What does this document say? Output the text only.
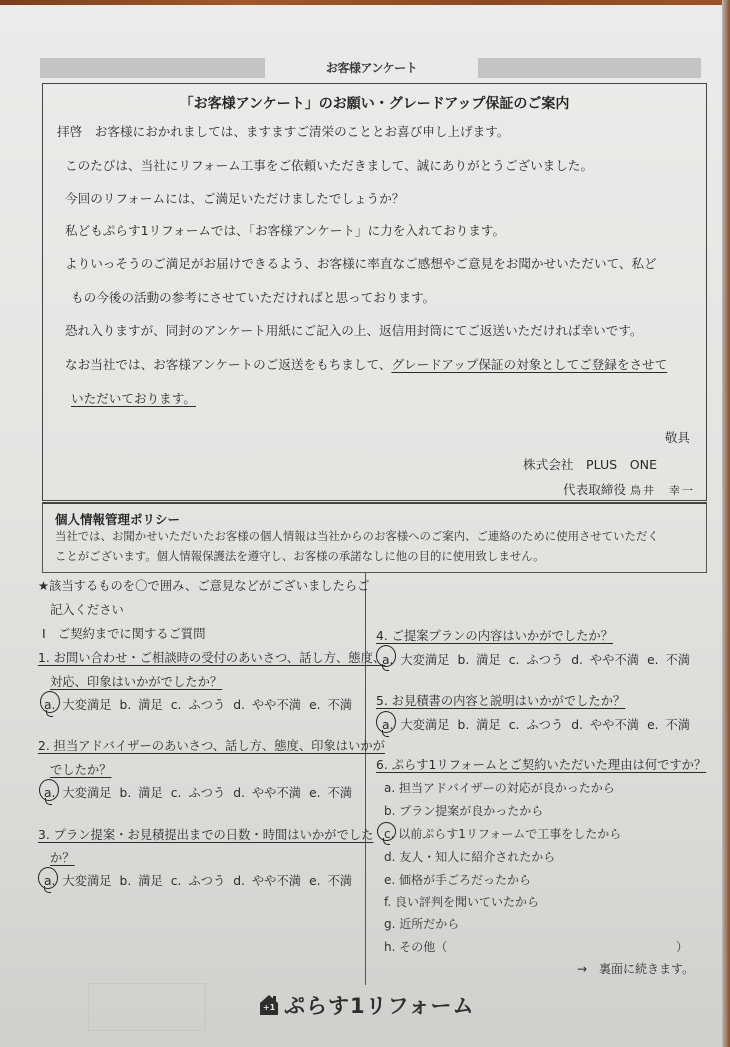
お客様アンケート
「お客様アンケート」のお願い・グレードアップ保証のご案内
拝啓　お客様におかれましては、ますますご清栄のこととお喜び申し上げます。
このたびは、当社にリフォーム工事をご依頼いただきまして、誠にありがとうございました。
今回のリフォームには、ご満足いただけましたでしょうか？
私どもぷらす1リフォームでは、「お客様アンケート」に力を入れております。
よりいっそうのご満足がお届けできるよう、お客様に率直なご感想やご意見をお聞かせいただいて、私ど
もの今後の活動の参考にさせていただければと思っております。
恐れ入りますが、同封のアンケート用紙にご記入の上、返信用封筒にてご返送いただければ幸いです。
なお当社では、お客様アンケートのご返送をもちまして、グレードアップ保証の対象としてご登録をさせて
いただいております。
敬具
株式会社　PLUS　ONE
代表取締役 鳥井　幸一
個人情報管理ポリシー
当社では、お聞かせいただいたお客様の個人情報は当社からのお客様へのご案内、ご連絡のために使用させていただく
ことがございます。個人情報保護法を遵守し、お客様の承諾なしに他の目的に使用致しません。
★該当するものを〇で囲み、ご意見などがございましたらご
記入ください
Ⅰ　ご契約までに関するご質問
1. お問い合わせ・ご相談時の受付のあいさつ、話し方、態度、
対応、印象はいかがでしたか？
a. 大変満足 b. 満足 c. ふつう d. やや不満 e. 不満
2. 担当アドバイザーのあいさつ、話し方、態度、印象はいかが
でしたか？
a. 大変満足 b. 満足 c. ふつう d. やや不満 e. 不満
3. プラン提案・お見積提出までの日数・時間はいかがでした
か？
a. 大変満足 b. 満足 c. ふつう d. やや不満 e. 不満
4. ご提案プランの内容はいかがでしたか？
a. 大変満足 b. 満足 c. ふつう d. やや不満 e. 不満
5. お見積書の内容と説明はいかがでしたか？
a. 大変満足 b. 満足 c. ふつう d. やや不満 e. 不満
6. ぷらす1リフォームとご契約いただいた理由は何ですか？
a. 担当アドバイザーの対応が良かったから
b. プラン提案が良かったから
c. 以前ぷらす1リフォームで工事をしたから
d. 友人・知人に紹介されたから
e. 価格が手ごろだったから
f. 良い評判を聞いていたから
g. 近所だから
h. その他（	）
→　裏面に続きます。
+1 ぷらす1リフォーム
